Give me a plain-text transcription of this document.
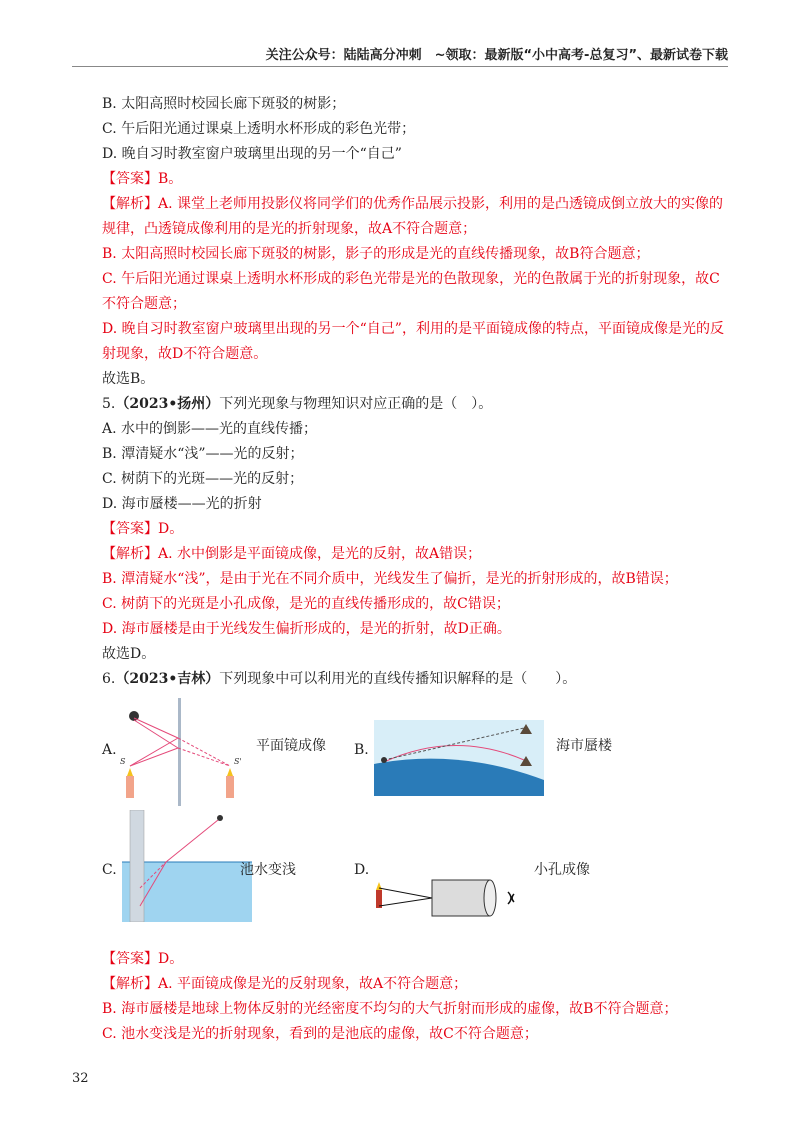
关注公众号：陆陆高分冲刺　~领取：最新版“小中高考-总复习”、最新试卷下载

B. 太阳高照时校园长廊下斑驳的树影；

C. 午后阳光通过课桌上透明水杯形成的彩色光带；

D. 晚自习时教室窗户玻璃里出现的另一个“自己”

【答案】B。

【解析】A. 课堂上老师用投影仪将同学们的优秀作品展示投影，利用的是凸透镜成倒立放大的实像的规律，凸透镜成像利用的是光的折射现象，故A不符合题意；

B. 太阳高照时校园长廊下斑驳的树影，影子的形成是光的直线传播现象，故B符合题意；

C. 午后阳光通过课桌上透明水杯形成的彩色光带是光的色散现象，光的色散属于光的折射现象，故C不符合题意；

D. 晚自习时教室窗户玻璃里出现的另一个“自己”，利用的是平面镜成像的特点，平面镜成像是光的反射现象，故D不符合题意。

故选B。

5.（2023•扬州）下列光现象与物理知识对应正确的是（　）。

A. 水中的倒影——光的直线传播；

B. 潭清疑水“浅”——光的反射；

C. 树荫下的光斑——光的反射；

D. 海市蜃楼——光的折射

【答案】D。

【解析】A. 水中倒影是平面镜成像，是光的反射，故A错误；

B. 潭清疑水“浅”，是由于光在不同介质中，光线发生了偏折，是光的折射形成的，故B错误；

C. 树荫下的光斑是小孔成像，是光的直线传播形成的，故C错误；

D. 海市蜃楼是由于光线发生偏折形成的，是光的折射，故D正确。

故选D。

6.（2023•吉林）下列现象中可以利用光的直线传播知识解释的是（　　）。

A.
S	S'
平面镜成像 B.	海市蜃楼
C.	池水变浅	D.	小孔成像

【答案】D。

【解析】A. 平面镜成像是光的反射现象，故A不符合题意；

B. 海市蜃楼是地球上物体反射的光经密度不均匀的大气折射而形成的虚像，故B不符合题意；

C. 池水变浅是光的折射现象，看到的是池底的虚像，故C不符合题意；

32
